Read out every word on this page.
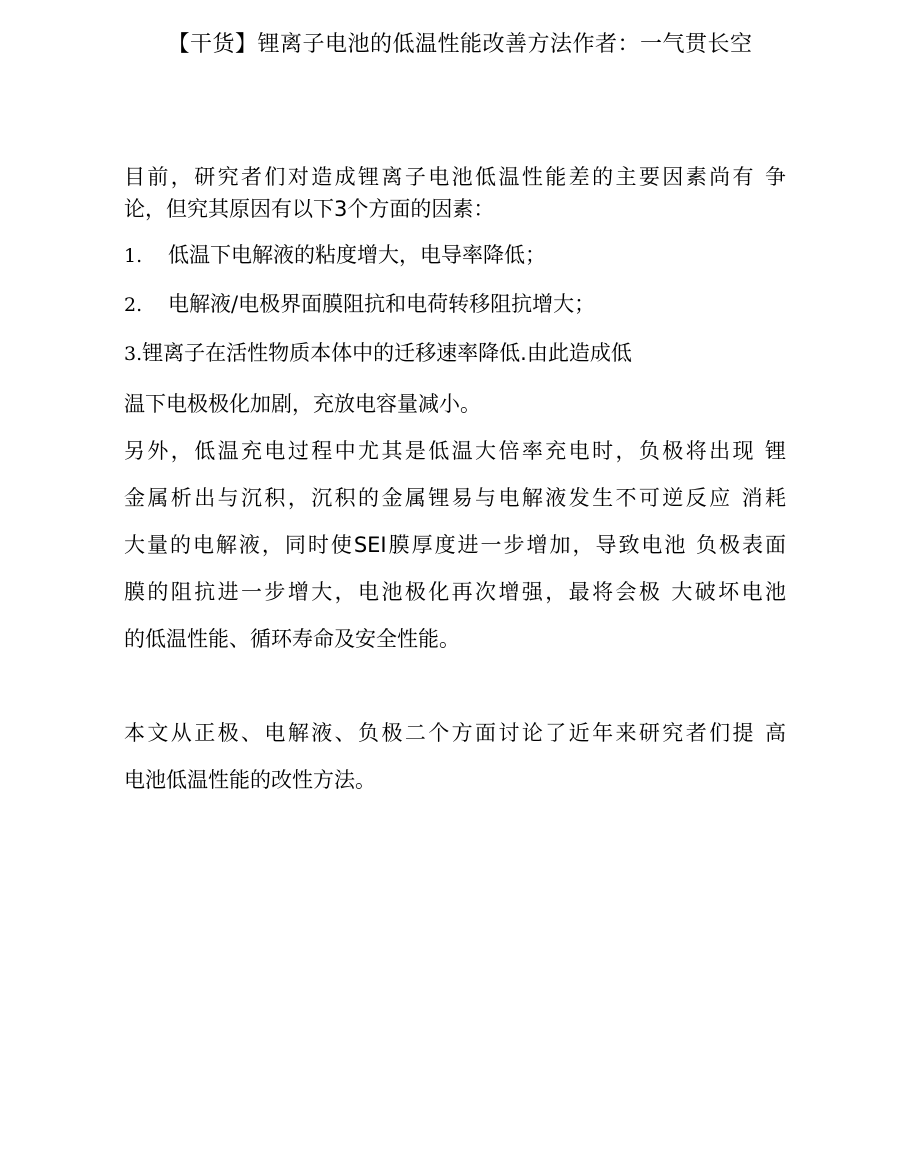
【干货】锂离子电池的低温性能改善方法作者：一气贯长空
目前，研究者们对造成锂离子电池低温性能差的主要因素尚有 争
论，但究其原因有以下3个方面的因素：
1. 低温下电解液的粘度增大，电导率降低；
2. 电解液/电极界面膜阻抗和电荷转移阻抗增大；
3.锂离子在活性物质本体中的迁移速率降低.由此造成低
温下电极极化加剧，充放电容量减小。
另外，低温充电过程中尤其是低温大倍率充电时，负极将出现 锂
金属析出与沉积，沉积的金属锂易与电解液发生不可逆反应 消耗
大量的电解液，同时使SEI膜厚度进一步增加，导致电池 负极表面
膜的阻抗进一步增大，电池极化再次增强，最将会极 大破坏电池
的低温性能、循环寿命及安全性能。
本文从正极、电解液、负极二个方面讨论了近年来研究者们提 高
电池低温性能的改性方法。
